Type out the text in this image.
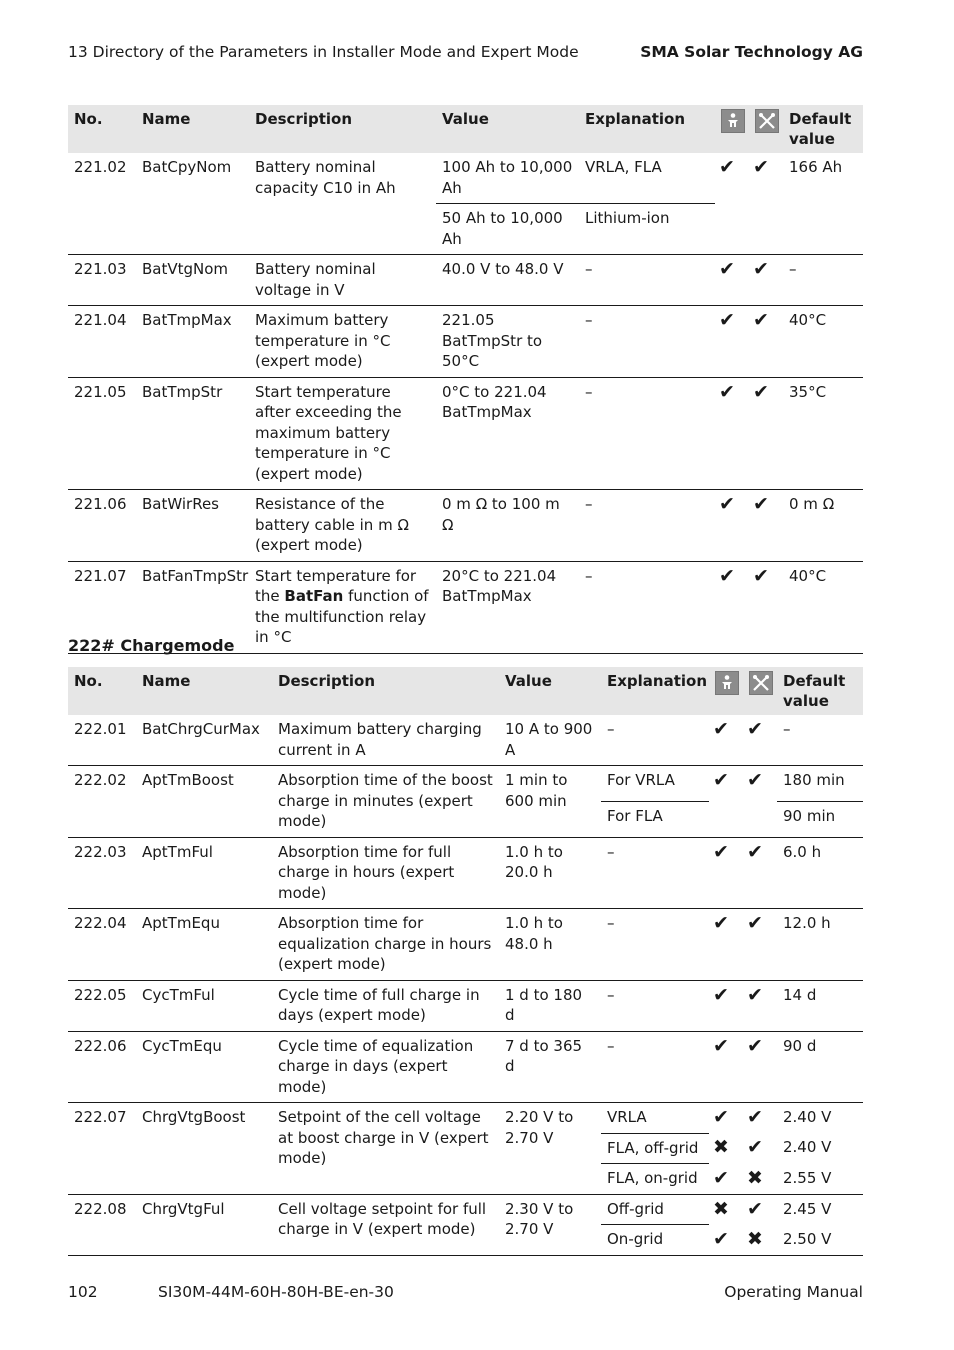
13 Directory of the Parameters in Installer Mode and Expert Mode	SMA Solar Technology AG
No.	Name	Description	Value	Explanation			Default value
221.02	BatCpyNom	Battery nominal capacity C10 in Ah	100 Ah to 10,000 Ah	VRLA, FLA	✔	✔	166 Ah
			50 Ah to 10,000 Ah	Lithium-ion			
221.03	BatVtgNom	Battery nominal voltage in V	40.0 V to 48.0 V	–	✔	✔	–
221.04	BatTmpMax	Maximum battery temperature in °C (expert mode)	221.05 BatTmpStr to 50°C	–	✔	✔	40°C
221.05	BatTmpStr	Start temperature after exceeding the maximum battery temperature in °C (expert mode)	0°C to 221.04 BatTmpMax	–	✔	✔	35°C
221.06	BatWirRes	Resistance of the battery cable in m Ω (expert mode)	0 m Ω to 100 m Ω	–	✔	✔	0 m Ω
221.07	BatFanTmpStr	Start temperature for the BatFan function of the multifunction relay in °C	20°C to 221.04 BatTmpMax	–	✔	✔	40°C
222# Chargemode
No.	Name	Description	Value	Explanation			Default value
222.01	BatChrgCurMax	Maximum battery charging current in A	10 A to 900 A	–	✔	✔	–
222.02	AptTmBoost	Absorption time of the boost charge in minutes (expert mode)	1 min to 600 min	For VRLA	✔	✔	180 min
				For FLA			90 min
222.03	AptTmFul	Absorption time for full charge in hours (expert mode)	1.0 h to 20.0 h	–	✔	✔	6.0 h
222.04	AptTmEqu	Absorption time for equalization charge in hours (expert mode)	1.0 h to 48.0 h	–	✔	✔	12.0 h
222.05	CycTmFul	Cycle time of full charge in days (expert mode)	1 d to 180 d	–	✔	✔	14 d
222.06	CycTmEqu	Cycle time of equalization charge in days (expert mode)	7 d to 365 d	–	✔	✔	90 d
222.07	ChrgVtgBoost	Setpoint of the cell voltage at boost charge in V (expert mode)	2.20 V to 2.70 V	VRLA	✔	✔	2.40 V
				FLA, off-grid	✖	✔	2.40 V
				FLA, on-grid	✔	✖	2.55 V
222.08	ChrgVtgFul	Cell voltage setpoint for full charge in V (expert mode)	2.30 V to 2.70 V	Off-grid	✖	✔	2.45 V
				On-grid	✔	✖	2.50 V
102	SI30M-44M-60H-80H-BE-en-30	Operating Manual
